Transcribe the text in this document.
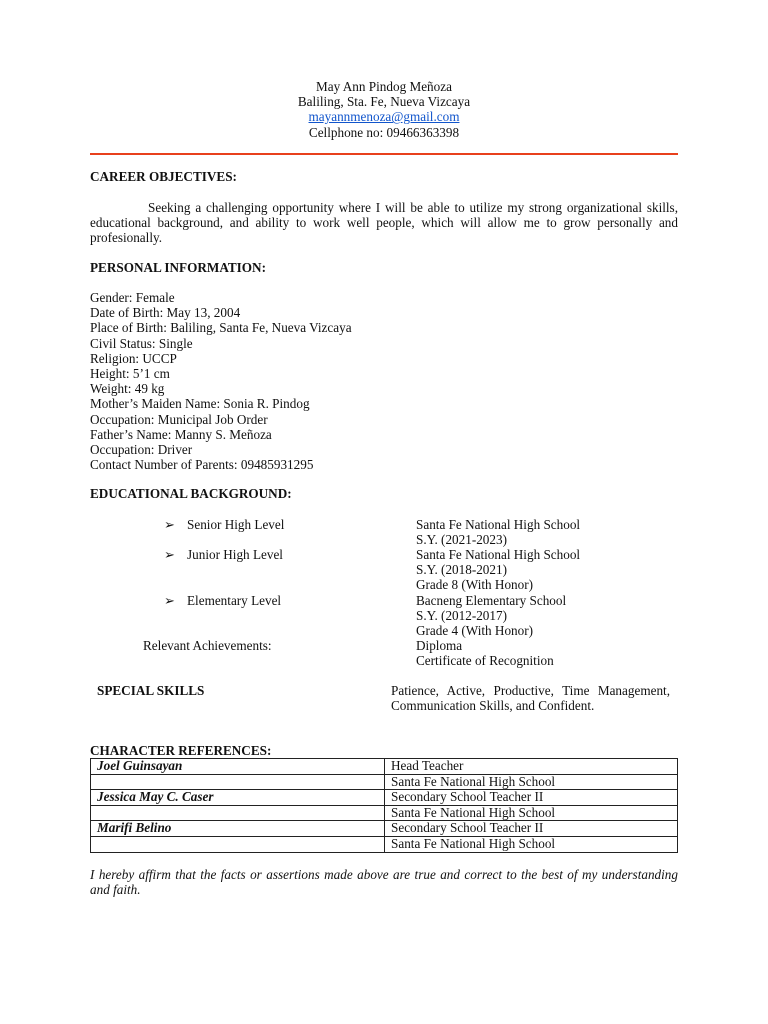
May Ann Pindog Meñoza
Baliling, Sta. Fe, Nueva Vizcaya
mayannmenoza@gmail.com
Cellphone no: 09466363398
CAREER OBJECTIVES:
Seeking a challenging opportunity where I will be able to utilize my strong organizational skills, educational background, and ability to work well people, which will allow me to grow personally and profesionally.
PERSONAL INFORMATION:
Gender: Female
Date of Birth: May 13, 2004
Place of Birth: Baliling, Santa Fe, Nueva Vizcaya
Civil Status: Single
Religion: UCCP
Height: 5’1 cm
Weight: 49 kg
Mother’s Maiden Name: Sonia R. Pindog
Occupation: Municipal Job Order
Father’s Name: Manny S. Meñoza
Occupation: Driver
Contact Number of Parents: 09485931295
EDUCATIONAL BACKGROUND:
➢ Senior High Level	Santa Fe National High School
S.Y. (2021-2023)
➢ Junior High Level	Santa Fe National High School
S.Y. (2018-2021)
Grade 8 (With Honor)
➢ Elementary Level	Bacneng Elementary School
S.Y. (2012-2017)
Grade 4 (With Honor)
Relevant Achievements:	Diploma
Certificate of Recognition
SPECIAL SKILLS	Patience, Active, Productive, Time Management, Communication Skills, and Confident.
CHARACTER REFERENCES:
Joel Guinsayan	Head Teacher
	Santa Fe National High School
Jessica May C. Caser	Secondary School Teacher II
	Santa Fe National High School
Marifi Belino	Secondary School Teacher II
	Santa Fe National High School
I hereby affirm that the facts or assertions made above are true and correct to the best of my understanding and faith.
